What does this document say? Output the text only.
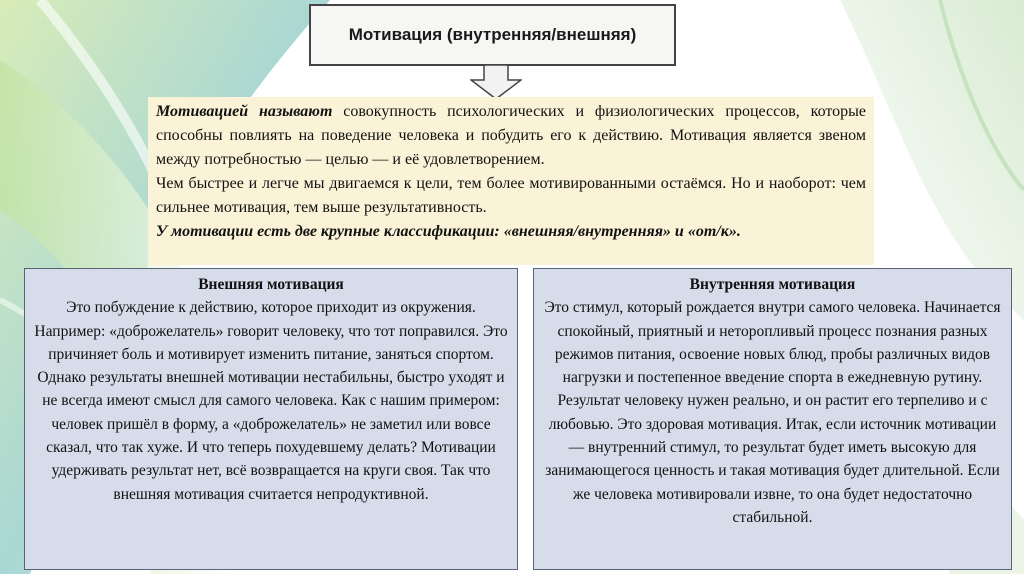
Мотивация (внутренняя/внешняя)

Мотивацией называют совокупность психологических и физиологических процессов, которые способны повлиять на поведение человека и побудить его к действию. Мотивация является звеном между потребностью — целью — и её удовлетворением.

Чем быстрее и легче мы двигаемся к цели, тем более мотивированными остаёмся. Но и наоборот: чем сильнее мотивация, тем выше результативность.

У мотивации есть две крупные классификации: «внешняя/внутренняя» и «от/к».

Внешняя мотивация
Это побуждение к действию, которое приходит из окружения. Например: «доброжелатель» говорит человеку, что тот поправился. Это причиняет боль и мотивирует изменить питание, заняться спортом. Однако результаты внешней мотивации нестабильны, быстро уходят и не всегда имеют смысл для самого человека. Как с нашим примером: человек пришёл в форму, а «доброжелатель» не заметил или вовсе сказал, что так хуже. И что теперь похудевшему делать? Мотивации удерживать результат нет, всё возвращается на круги своя. Так что внешняя мотивация считается непродуктивной.
Внутренняя мотивация
Это стимул, который рождается внутри самого человека. Начинается спокойный, приятный и неторопливый процесс познания разных режимов питания, освоение новых блюд, пробы различных видов нагрузки и постепенное введение спорта в ежедневную рутину. Результат человеку нужен реально, и он растит его терпеливо и с любовью. Это здоровая мотивация. Итак, если источник мотивации — внутренний стимул, то результат будет иметь высокую для занимающегося ценность и такая мотивация будет длительной. Если же человека мотивировали извне, то она будет недостаточно стабильной.
